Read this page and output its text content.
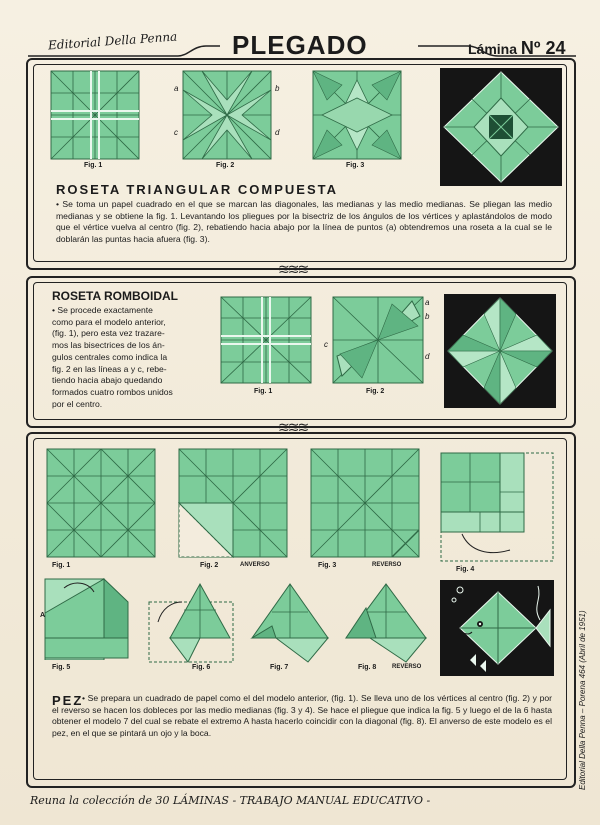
Editorial Della Penna PLEGADO	Lámina Nº 24
≋≋≋
≋≋≋
Fig. 1
a	b
c	d
Fig. 2	Fig. 3
ROSETA TRIANGULAR COMPUESTA
• Se toma un papel cuadrado en el que se marcan las diagonales, las medianas y las medio medianas. Se pliegan las medio medianas y se obtiene la fig. 1. Levantando los pliegues por la bisectriz de los ángulos de los vértices y aplastándolos de modo que el vértice vuelva al centro (fig. 2), rebatiendo hacia abajo por la línea de puntos (a) obtendremos una roseta a la cual se le doblarán las puntas hacia afuera (fig. 3).
ROSETA ROMBOIDAL
• Se procede exactamente
como para el modelo anterior,
(fig. 1), pero esta vez trazare-
mos las bisectrices de los án-
gulos centrales como indica la
fig. 2 en las líneas a y c, rebe-
tiendo hacia abajo quedando
formados cuatro rombos unidos
por el centro.
Fig. 1
a
b
c
d
Fig. 2
Fig. 1	Fig. 2	ANVERSO	Fig. 3	REVERSO
Fig. 4
A
Fig. 5	Fig. 6	Fig. 7	Fig. 8	REVERSO
PEZ
• Se prepara un cuadrado de papel como el del modelo anterior, (fig. 1). Se lleva uno de los vértices al centro (fig. 2) y por el reverso se hacen los dobleces por las medio medianas (fig. 3 y 4). Se hace el pliegue que indica la fig. 5 y luego el de la 6 hasta obtener el modelo 7 del cual se rebate el extremo A hasta hacerlo coincidir con la diagonal (fig. 8). El anverso de este modelo es el pez, en el que se pintará un ojo y la boca.	Editorial Della Penna – Porena 464 (Abril de 1951)
Reuna la colección de 30 LÁMINAS - TRABAJO MANUAL EDUCATIVO -
